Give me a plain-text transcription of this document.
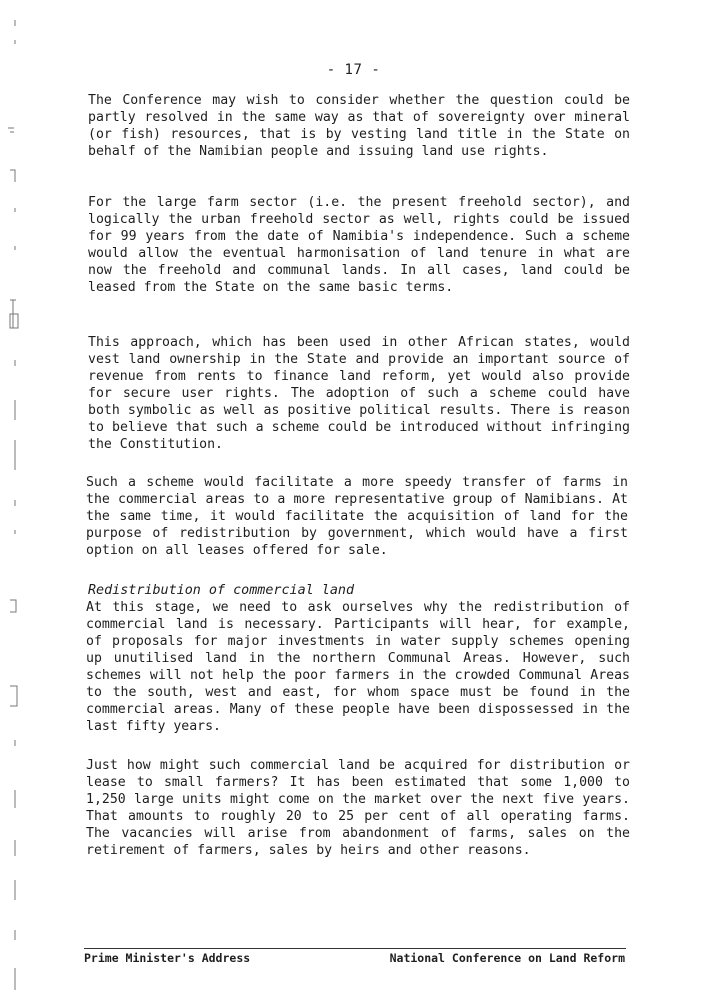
- 17 -

The Conference may wish to consider whether the question could be partly resolved in the same way as that of sovereignty over mineral (or fish) resources, that is by vesting land title in the State on behalf of the Namibian people and issuing land use rights.

For the large farm sector (i.e. the present freehold sector), and logically the urban freehold sector as well, rights could be issued for 99 years from the date of Namibia's independence. Such a scheme would allow the eventual harmonisation of land tenure in what are now the freehold and communal lands. In all cases, land could be leased from the State on the same basic terms.

This approach, which has been used in other African states, would vest land ownership in the State and provide an important source of revenue from rents to finance land reform, yet would also provide for secure user rights. The adoption of such a scheme could have both symbolic as well as positive political results. There is reason to believe that such a scheme could be introduced without infringing the Constitution.

Such a scheme would facilitate a more speedy transfer of farms in the commercial areas to a more representative group of Namibians. At the same time, it would facilitate the acquisition of land for the purpose of redistribution by government, which would have a first option on all leases offered for sale.

Redistribution of commercial land

At this stage, we need to ask ourselves why the redistribution of commercial land is necessary. Participants will hear, for example, of proposals for major investments in water supply schemes opening up unutilised land in the northern Communal Areas. However, such schemes will not help the poor farmers in the crowded Communal Areas to the south, west and east, for whom space must be found in the commercial areas. Many of these people have been dispossessed in the last fifty years.

Just how might such commercial land be acquired for distribution or lease to small farmers? It has been estimated that some 1,000 to 1,250 large units might come on the market over the next five years. That amounts to roughly 20 to 25 per cent of all operating farms. The vacancies will arise from abandonment of farms, sales on the retirement of farmers, sales by heirs and other reasons.

Prime Minister's Address	National Conference on Land Reform
